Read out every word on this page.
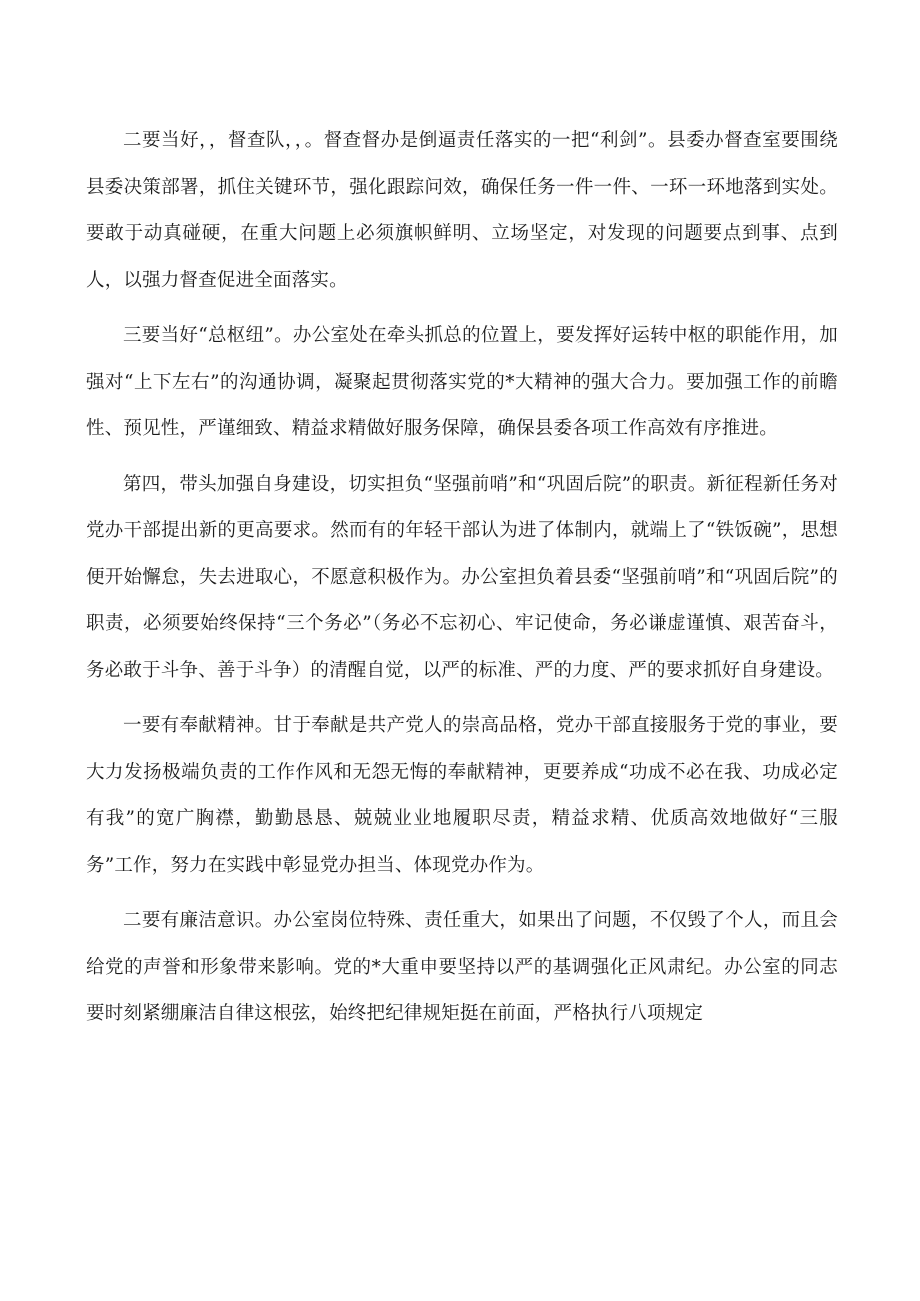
二要当好，，督查队，，。督查督办是倒逼责任落实的一把“利剑”。县委办督查室要围绕县委决策部署，抓住关键环节，强化跟踪问效，确保任务一件一件、一环一环地落到实处。要敢于动真碰硬，在重大问题上必须旗帜鲜明、立场坚定，对发现的问题要点到事、点到人，以强力督查促进全面落实。

三要当好“总枢纽”。办公室处在牵头抓总的位置上，要发挥好运转中枢的职能作用，加强对“上下左右”的沟通协调，凝聚起贯彻落实党的*大精神的强大合力。要加强工作的前瞻性、预见性，严谨细致、精益求精做好服务保障，确保县委各项工作高效有序推进。

第四，带头加强自身建设，切实担负“坚强前哨”和“巩固后院”的职责。新征程新任务对党办干部提出新的更高要求。然而有的年轻干部认为进了体制内，就端上了“铁饭碗”，思想便开始懈怠，失去进取心，不愿意积极作为。办公室担负着县委“坚强前哨”和“巩固后院”的职责，必须要始终保持“三个务必”（务必不忘初心、牢记使命，务必谦虚谨慎、艰苦奋斗，务必敢于斗争、善于斗争）的清醒自觉，以严的标准、严的力度、严的要求抓好自身建设。

一要有奉献精神。甘于奉献是共产党人的崇高品格，党办干部直接服务于党的事业，要大力发扬极端负责的工作作风和无怨无悔的奉献精神，更要养成“功成不必在我、功成必定有我”的宽广胸襟，勤勤恳恳、兢兢业业地履职尽责，精益求精、优质高效地做好“三服务”工作，努力在实践中彰显党办担当、体现党办作为。

二要有廉洁意识。办公室岗位特殊、责任重大，如果出了问题，不仅毁了个人，而且会给党的声誉和形象带来影响。党的*大重申要坚持以严的基调强化正风肃纪。办公室的同志要时刻紧绷廉洁自律这根弦，始终把纪律规矩挺在前面，严格执行八项规定
